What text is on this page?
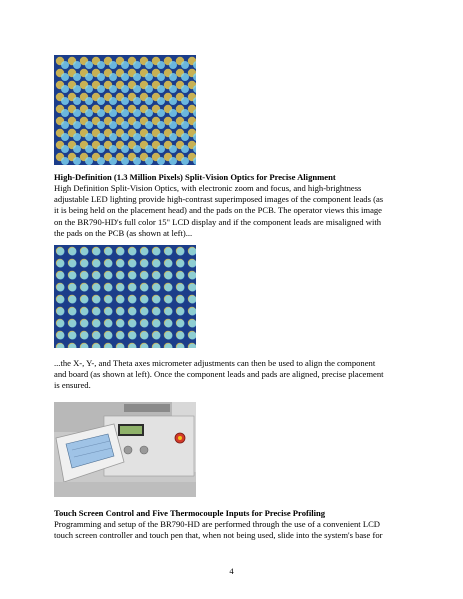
High-Definition (1.3 Million Pixels) Split-Vision Optics for Precise Alignment
High Definition Split-Vision Optics, with electronic zoom and focus, and high-brightness
adjustable LED lighting provide high-contrast superimposed images of the component leads (as
it is being held on the placement head) and the pads on the PCB. The operator views this image
on the BR790-HD's full color 15" LCD display and if the component leads are misaligned with
the pads on the PCB (as shown at left)...
...the X-, Y-, and Theta axes micrometer adjustments can then be used to align the component
and board (as shown at left). Once the component leads and pads are aligned, precise placement
is ensured.
Touch Screen Control and Five Thermocouple Inputs for Precise Profiling
Programming and setup of the BR790-HD are performed through the use of a convenient LCD
touch screen controller and touch pen that, when not being used, slide into the system's base for
4
